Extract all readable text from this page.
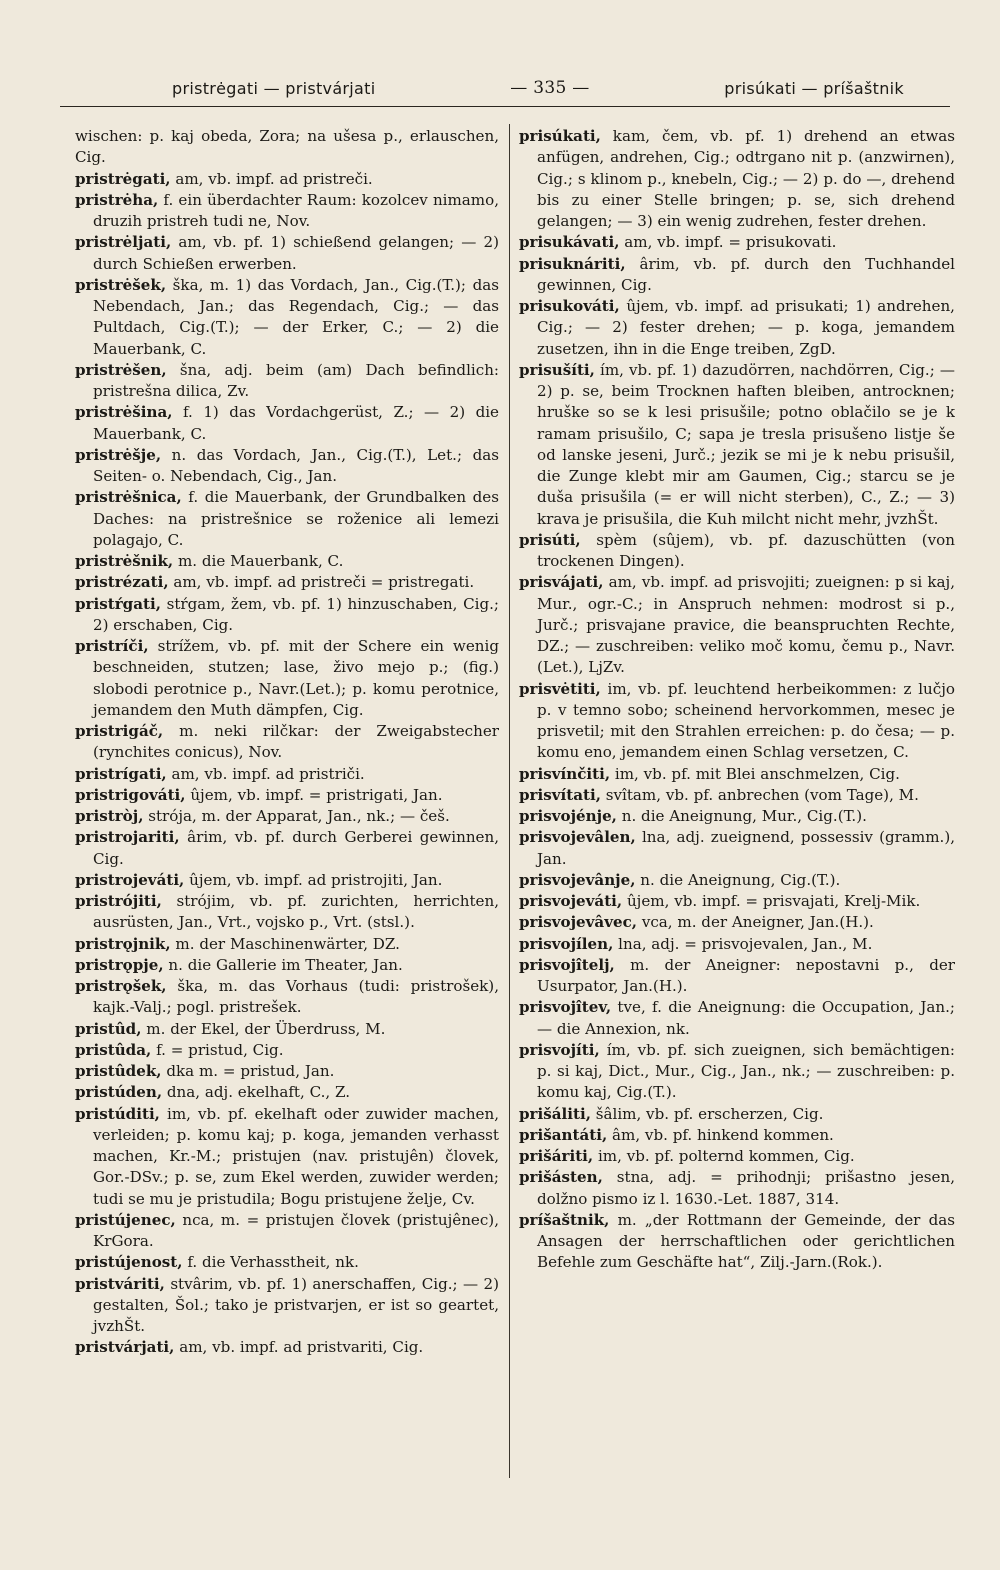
pristrėgati — pristvárjati	— 335 —	prisúkati — príšaštnik

wischen: p. kaj obeda, Zora; na ušesa p., erlauschen, Cig.

pristrėgati, am, vb. impf. ad pristreči.

pristrėha, f. ein überdachter Raum: kozolcev nimamo, druzih pristreh tudi ne, Nov.

pristrėljati, am, vb. pf. 1) schießend gelangen; — 2) durch Schießen erwerben.

pristrėšek, ška, m. 1) das Vordach, Jan., Cig.(T.); das Nebendach, Jan.; das Regendach, Cig.; — das Pultdach, Cig.(T.); — der Erker, C.; — 2) die Mauerbank, C.

pristrėšen, šna, adj. beim (am) Dach befindlich: pristrešna dilica, Zv.

pristrėšina, f. 1) das Vordachgerüst, Z.; — 2) die Mauerbank, C.

pristrėšje, n. das Vordach, Jan., Cig.(T.), Let.; das Seiten- o. Nebendach, Cig., Jan.

pristrėšnica, f. die Mauerbank, der Grundbalken des Daches: na pristrešnice se roženice ali lemezi polagajo, C.

pristrėšnik, m. die Mauerbank, C.

pristrézati, am, vb. impf. ad pristreči = pristregati.

pristŕgati, stŕgam, žem, vb. pf. 1) hinzuschaben, Cig.; 2) erschaben, Cig.

pristríči, strížem, vb. pf. mit der Schere ein wenig beschneiden, stutzen; lase, živo mejo p.; (fig.) slobodi perotnice p., Navr.(Let.); p. komu perotnice, jemandem den Muth dämpfen, Cig.

pristrigáč, m. neki rilčkar: der Zweigabstecher (rynchites conicus), Nov.

pristrígati, am, vb. impf. ad pristriči.

pristrigováti, ûjem, vb. impf. = pristrigati, Jan.

pristròj, strója, m. der Apparat, Jan., nk.; — češ.

pristrojariti, ârim, vb. pf. durch Gerberei gewinnen, Cig.

pristrojeváti, ûjem, vb. impf. ad pristrojiti, Jan.

pristrójiti, strójim, vb. pf. zurichten, herrichten, ausrüsten, Jan., Vrt., vojsko p., Vrt. (stsl.).

pristrǫjnik, m. der Maschinenwärter, DZ.

pristrǫpje, n. die Gallerie im Theater, Jan.

pristrǫšek, ška, m. das Vorhaus (tudi: pristrošek), kajk.-Valj.; pogl. pristrešek.

pristûd, m. der Ekel, der Überdruss, M.

pristûda, f. = pristud, Cig.

pristûdek, dka m. = pristud, Jan.

pristúden, dna, adj. ekelhaft, C., Z.

pristúditi, im, vb. pf. ekelhaft oder zuwider machen, verleiden; p. komu kaj; p. koga, jemanden verhasst machen, Kr.-M.; pristujen (nav. pristujên) človek, Gor.-DSv.; p. se, zum Ekel werden, zuwider werden; tudi se mu je pristudila; Bogu pristujene želje, Cv.

pristújenec, nca, m. = pristujen človek (pristujênec), KrGora.

pristújenost, f. die Verhasstheit, nk.

pristváriti, stvârim, vb. pf. 1) anerschaffen, Cig.; — 2) gestalten, Šol.; tako je pristvarjen, er ist so geartet, jvzhŠt.

pristvárjati, am, vb. impf. ad pristvariti, Cig.

prisúkati, kam, čem, vb. pf. 1) drehend an etwas anfügen, andrehen, Cig.; odtrgano nit p. (anzwirnen), Cig.; s klinom p., knebeln, Cig.; — 2) p. do —, drehend bis zu einer Stelle bringen; p. se, sich drehend gelangen; — 3) ein wenig zudrehen, fester drehen.

prisukávati, am, vb. impf. = prisukovati.

prisuknáriti, ârim, vb. pf. durch den Tuchhandel gewinnen, Cig.

prisukováti, ûjem, vb. impf. ad prisukati; 1) andrehen, Cig.; — 2) fester drehen; — p. koga, jemandem zusetzen, ihn in die Enge treiben, ZgD.

prisušíti, ím, vb. pf. 1) dazudörren, nachdörren, Cig.; — 2) p. se, beim Trocknen haften bleiben, antrocknen; hruške so se k lesi prisušile; potno oblačilo se je k ramam prisušilo, C; sapa je tresla prisušeno listje še od lanske jeseni, Jurč.; jezik se mi je k nebu prisušil, die Zunge klebt mir am Gaumen, Cig.; starcu se je duša prisušila (= er will nicht sterben), C., Z.; — 3) krava je prisušila, die Kuh milcht nicht mehr, jvzhŠt.

prisúti, spèm (sûjem), vb. pf. dazuschütten (von trockenen Dingen).

prisvájati, am, vb. impf. ad prisvojiti; zueignen: p si kaj, Mur., ogr.-C.; in Anspruch nehmen: modrost si p., Jurč.; prisvajane pravice, die beanspruchten Rechte, DZ.; — zuschreiben: veliko moč komu, čemu p., Navr.(Let.), LjZv.

prisvėtiti, im, vb. pf. leuchtend herbeikommen: z lučjo p. v temno sobo; scheinend hervorkommen, mesec je prisvetil; mit den Strahlen erreichen: p. do česa; — p. komu eno, jemandem einen Schlag versetzen, C.

prisvínčiti, im, vb. pf. mit Blei anschmelzen, Cig.

prisvítati, svîtam, vb. pf. anbrechen (vom Tage), M.

prisvojénje, n. die Aneignung, Mur., Cig.(T.).

prisvojevâlen, lna, adj. zueignend, possessiv (gramm.), Jan.

prisvojevânje, n. die Aneignung, Cig.(T.).

prisvojeváti, ûjem, vb. impf. = prisvajati, Krelj-Mik.

prisvojevâvec, vca, m. der Aneigner, Jan.(H.).

prisvojílen, lna, adj. = prisvojevalen, Jan., M.

prisvojîtelj, m. der Aneigner: nepostavni p., der Usurpator, Jan.(H.).

prisvojîtev, tve, f. die Aneignung: die Occupation, Jan.; — die Annexion, nk.

prisvojíti, ím, vb. pf. sich zueignen, sich bemächtigen: p. si kaj, Dict., Mur., Cig., Jan., nk.; — zuschreiben: p. komu kaj, Cig.(T.).

prišáliti, šâlim, vb. pf. erscherzen, Cig.

prišantáti, âm, vb. pf. hinkend kommen.

prišáriti, im, vb. pf. polternd kommen, Cig.

prišásten, stna, adj. = prihodnji; prišastno jesen, dolžno pismo iz l. 1630.-Let. 1887, 314.

príšaštnik, m. „der Rottmann der Gemeinde, der das Ansagen der herrschaftlichen oder gerichtlichen Befehle zum Geschäfte hat“, Zilj.-Jarn.(Rok.).
